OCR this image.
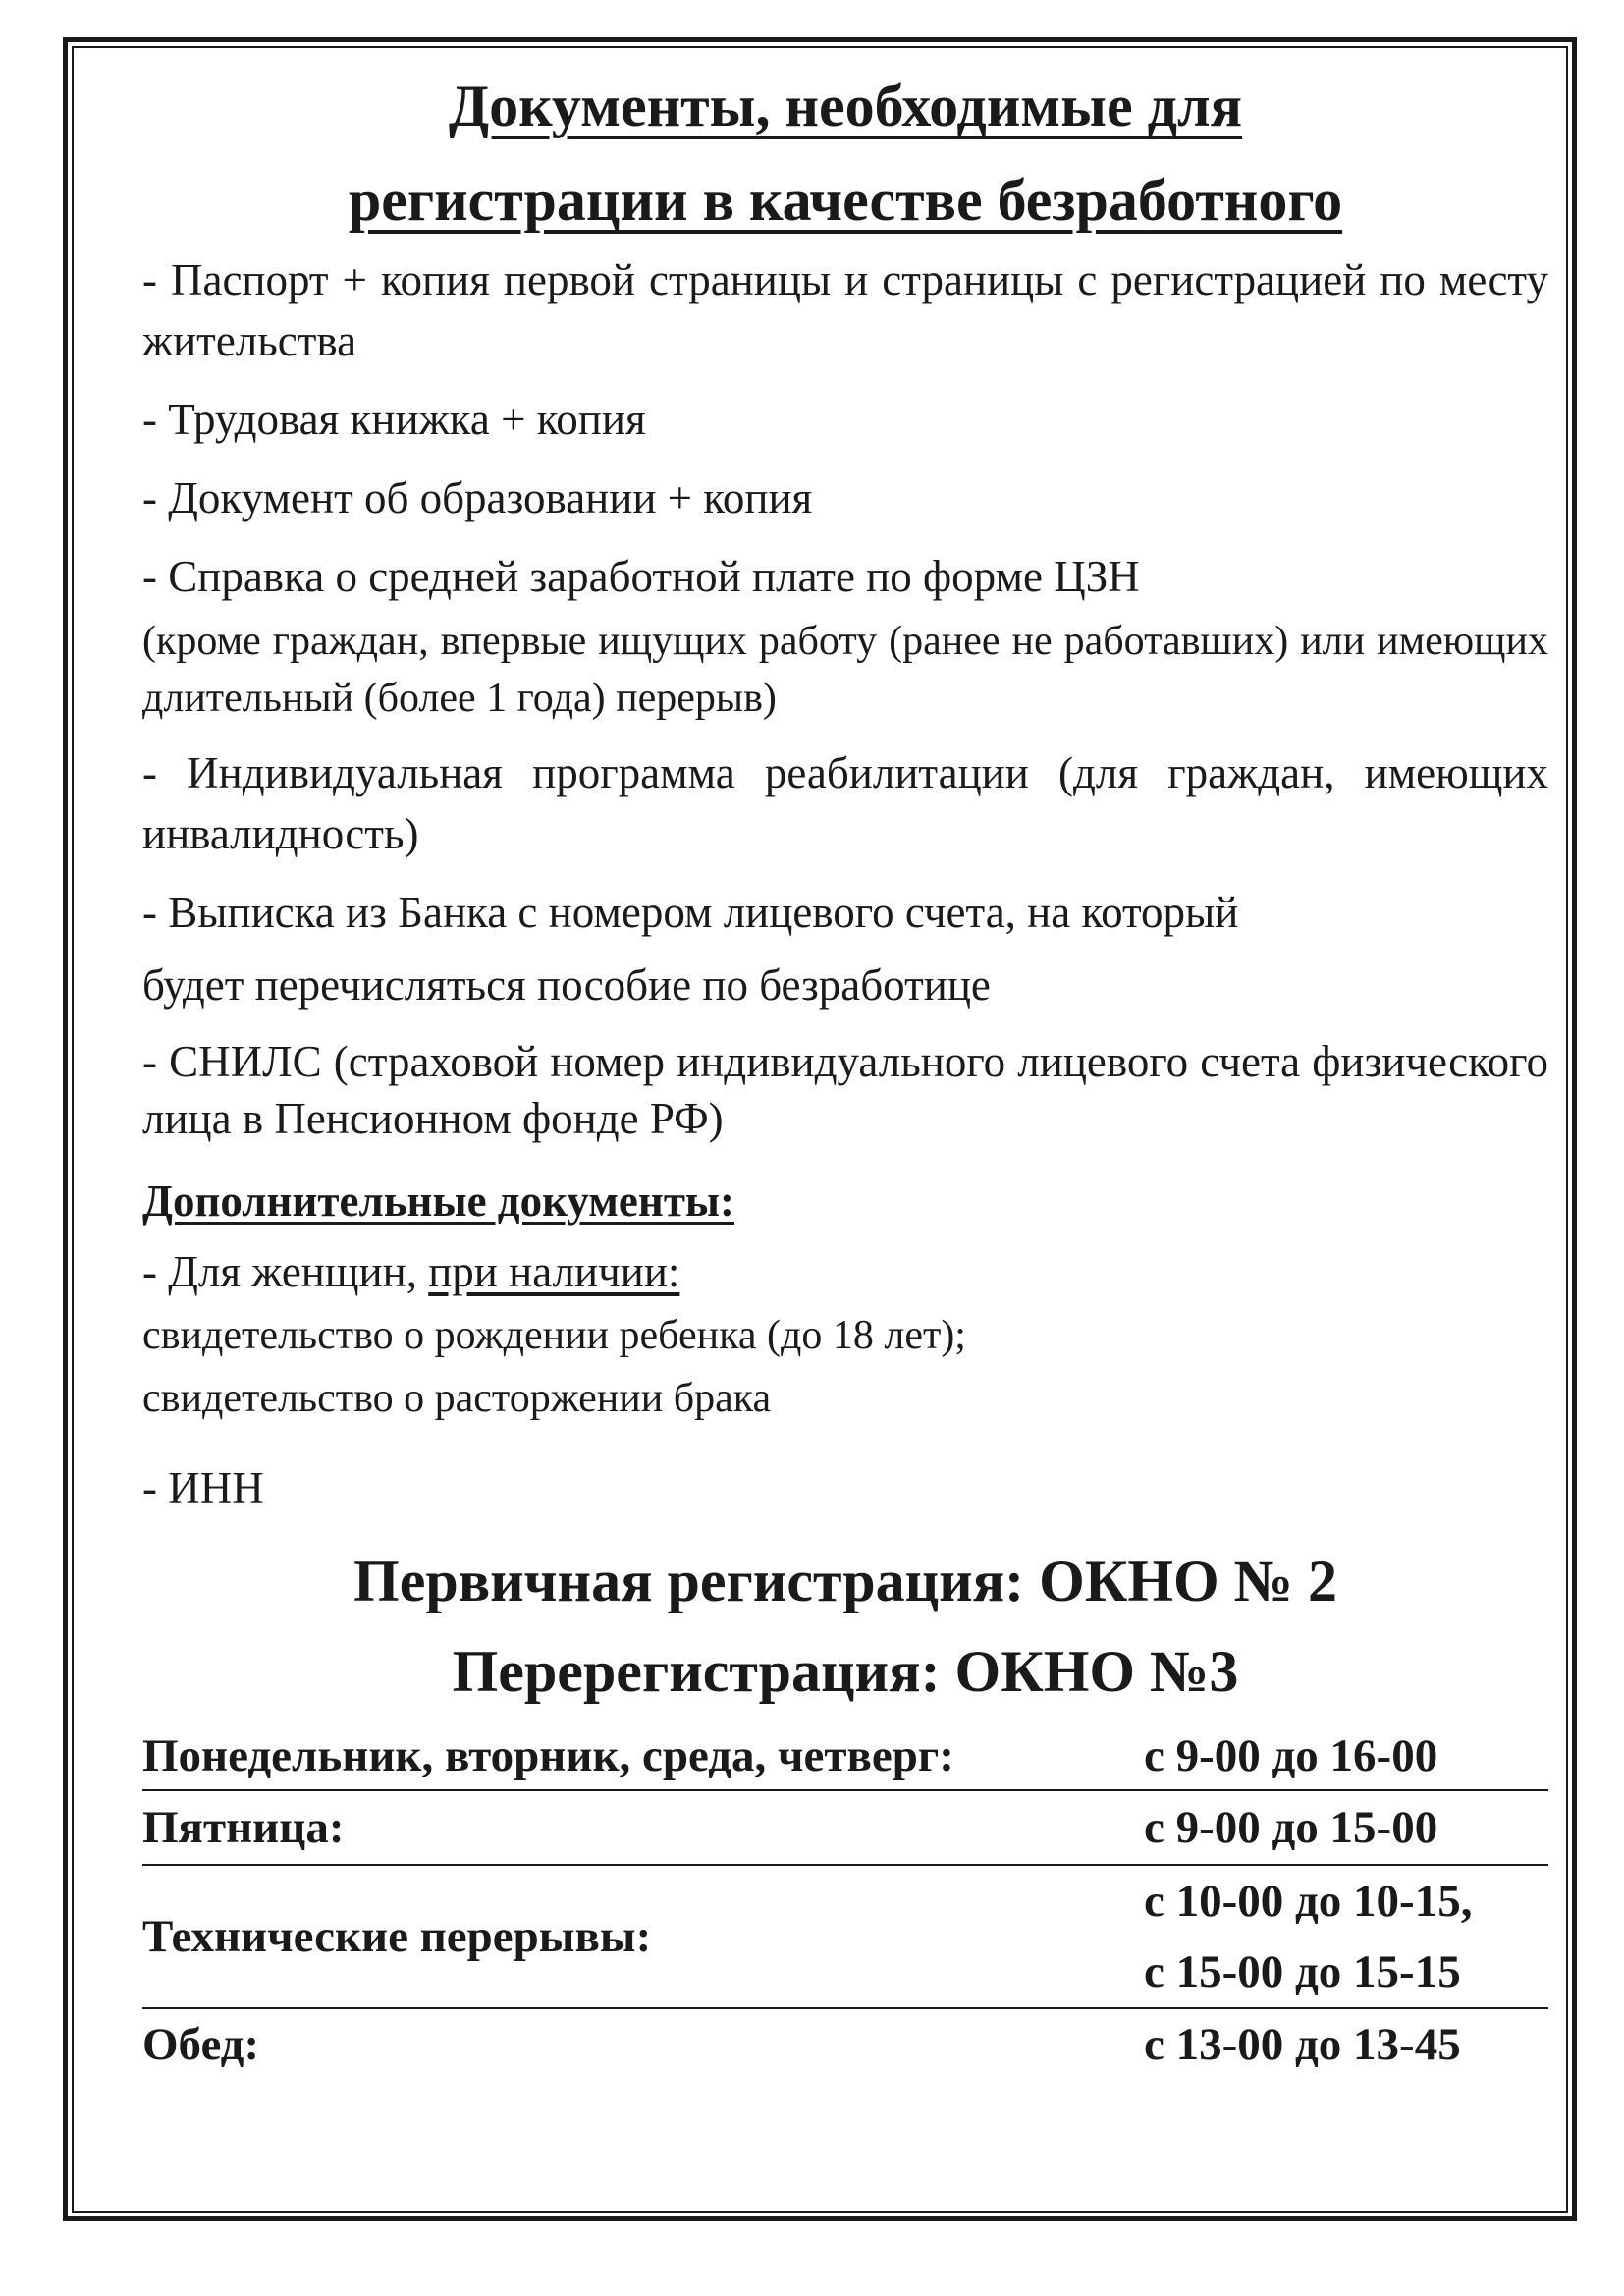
Документы, необходимые для
регистрации в качестве безработного

- Паспорт + копия первой страницы и страницы с регистрацией по месту жительства

- Трудовая книжка + копия

- Документ об образовании + копия

- Справка о средней заработной плате по форме ЦЗН

(кроме граждан, впервые ищущих работу (ранее не работавших) или имеющих длительный (более 1 года) перерыв)

- Индивидуальная программа реабилитации (для граждан, имеющих инвалидность)

- Выписка из Банка с номером лицевого счета, на который

будет перечисляться пособие по безработице

- СНИЛС (страховой номер индивидуального лицевого счета физического лица в Пенсионном фонде РФ)

Дополнительные документы:

- Для женщин, при наличии:

свидетельство о рождении ребенка (до 18 лет);

свидетельство о расторжении брака

- ИНН

Первичная регистрация: ОКНО № 2

Перерегистрация: ОКНО №3

Понедельник, вторник, среда, четверг:	с 9-00 до 16-00
Пятница:	с 9-00 до 15-00
Технические перерывы:	с 10-00 до 10-15,
с 15-00 до 15-15
Обед:	с 13-00 до 13-45
